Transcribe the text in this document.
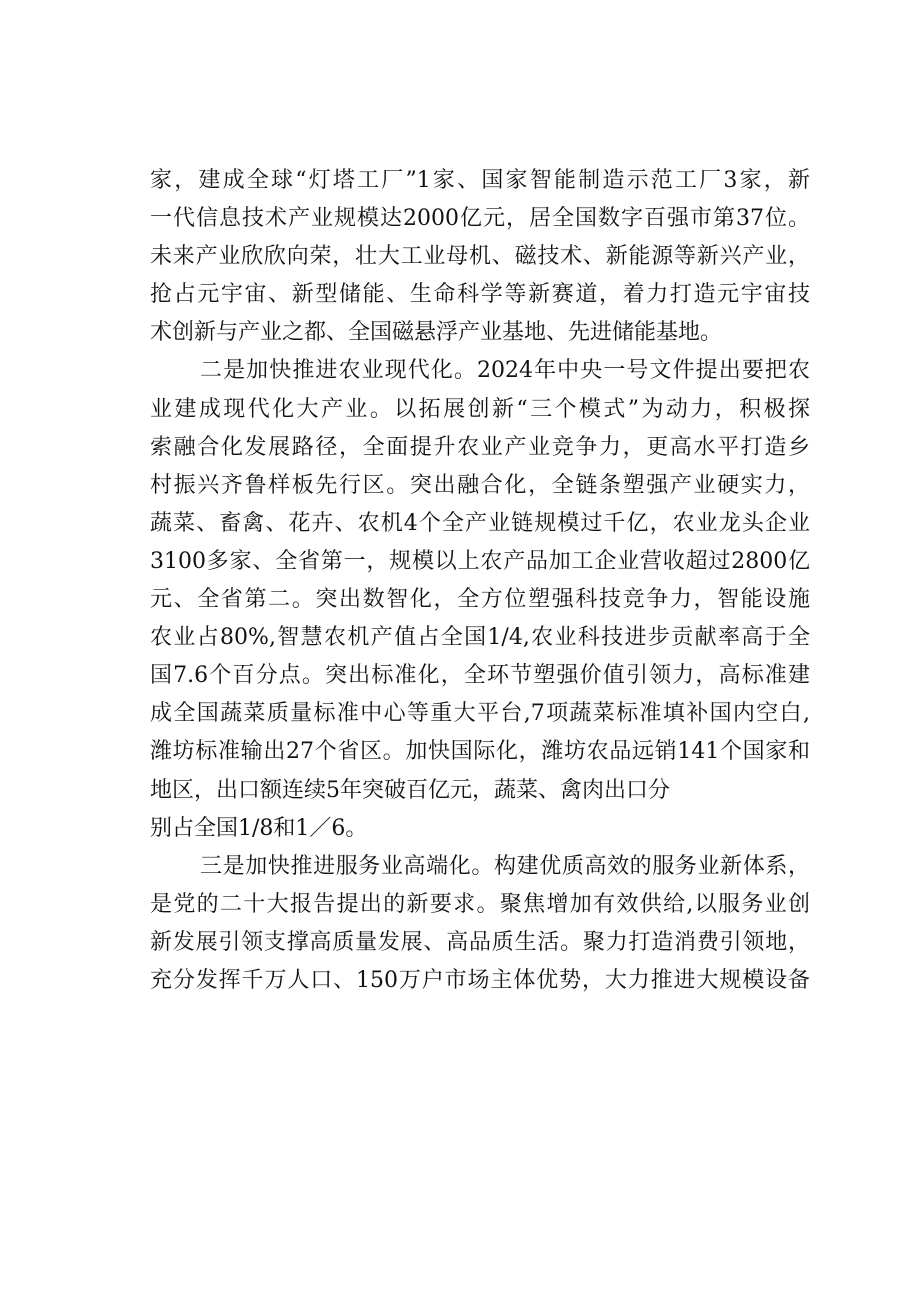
家，建成全球“灯塔工厂”1家、国家智能制造示范工厂3家，新
一代信息技术产业规模达2000亿元，居全国数字百强市第37位。
未来产业欣欣向荣，壮大工业母机、磁技术、新能源等新兴产业，
抢占元宇宙、新型储能、生命科学等新赛道，着力打造元宇宙技
术创新与产业之都、全国磁悬浮产业基地、先进储能基地。
二是加快推进农业现代化。2024年中央一号文件提出要把农
业建成现代化大产业。以拓展创新“三个模式”为动力，积极探
索融合化发展路径，全面提升农业产业竞争力，更高水平打造乡
村振兴齐鲁样板先行区。突出融合化，全链条塑强产业硬实力，
蔬菜、畜禽、花卉、农机4个全产业链规模过千亿，农业龙头企业
3100多家、全省第一，规模以上农产品加工企业营收超过2800亿
元、全省第二。突出数智化，全方位塑强科技竞争力，智能设施
农业占80%,智慧农机产值占全国1/4,农业科技进步贡献率高于全
国7.6个百分点。突出标准化，全环节塑强价值引领力，高标准建
成全国蔬菜质量标准中心等重大平台,7项蔬菜标准填补国内空白,
潍坊标准输出27个省区。加快国际化，潍坊农品远销141个国家和
地区，出口额连续5年突破百亿元，蔬菜、禽肉出口分
别占全国1/8和1／6。
三是加快推进服务业高端化。构建优质高效的服务业新体系，
是党的二十大报告提出的新要求。聚焦增加有效供给,以服务业创
新发展引领支撑高质量发展、高品质生活。聚力打造消费引领地，
充分发挥千万人口、150万户市场主体优势，大力推进大规模设备
